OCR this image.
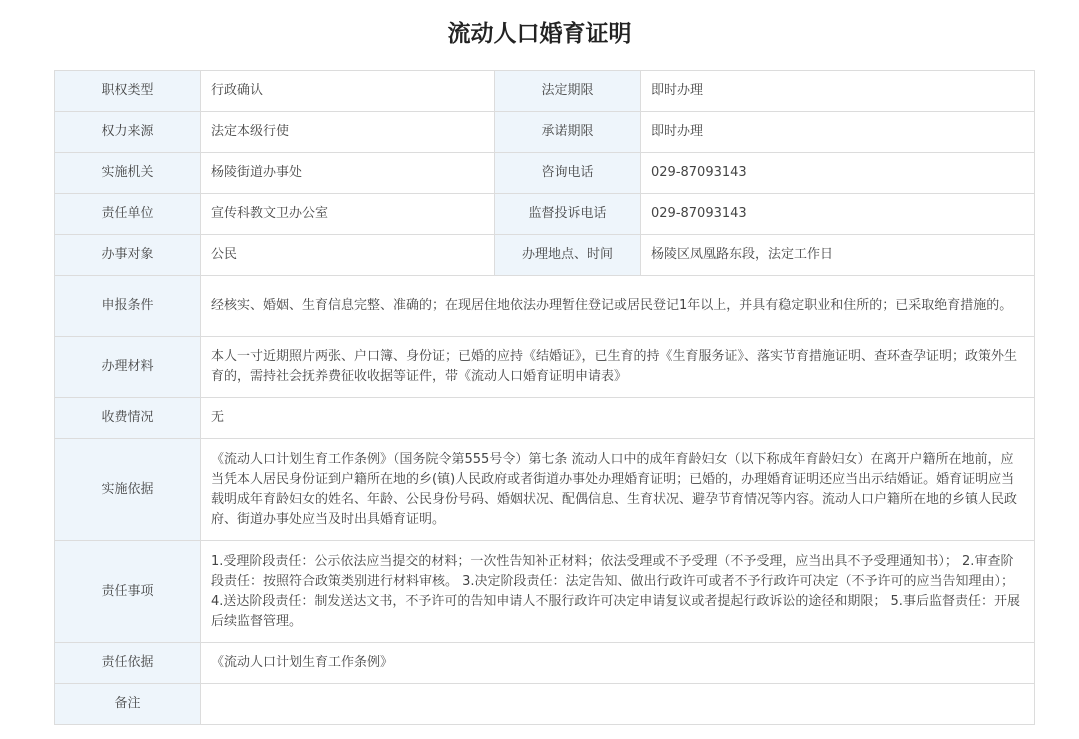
流动人口婚育证明
职权类型	行政确认	法定期限	即时办理
权力来源	法定本级行使	承诺期限	即时办理
实施机关	杨陵街道办事处	咨询电话	029-87093143
责任单位	宣传科教文卫办公室	监督投诉电话	029-87093143
办事对象	公民	办理地点、时间	杨陵区凤凰路东段，法定工作日
申报条件	经核实、婚姻、生育信息完整、准确的；在现居住地依法办理暂住登记或居民登记1年以上，并具有稳定职业和住所的；已采取绝育措施的。		
办理材料	本人一寸近期照片两张、户口簿、身份证；已婚的应持《结婚证》，已生育的持《生育服务证》、落实节育措施证明、查环查孕证明；政策外生育的，需持社会抚养费征收收据等证件，带《流动人口婚育证明申请表》		
收费情况	无		
实施依据	《流动人口计划生育工作条例》（国务院令第555号令）第七条 流动人口中的成年育龄妇女（以下称成年育龄妇女）在离开户籍所在地前，应当凭本人居民身份证到户籍所在地的乡(镇)人民政府或者街道办事处办理婚育证明；已婚的，办理婚育证明还应当出示结婚证。婚育证明应当载明成年育龄妇女的姓名、年龄、公民身份号码、婚姻状况、配偶信息、生育状况、避孕节育情况等内容。流动人口户籍所在地的乡镇人民政府、街道办事处应当及时出具婚育证明。		
责任事项	1.受理阶段责任：公示依法应当提交的材料；一次性告知补正材料；依法受理或不予受理（不予受理，应当出具不予受理通知书）； 2.审查阶段责任：按照符合政策类别进行材料审核。 3.决定阶段责任：法定告知、做出行政许可或者不予行政许可决定（不予许可的应当告知理由）； 4.送达阶段责任：制发送达文书，不予许可的告知申请人不服行政许可决定申请复议或者提起行政诉讼的途径和期限； 5.事后监督责任：开展后续监督管理。		
责任依据	《流动人口计划生育工作条例》		
备注			
